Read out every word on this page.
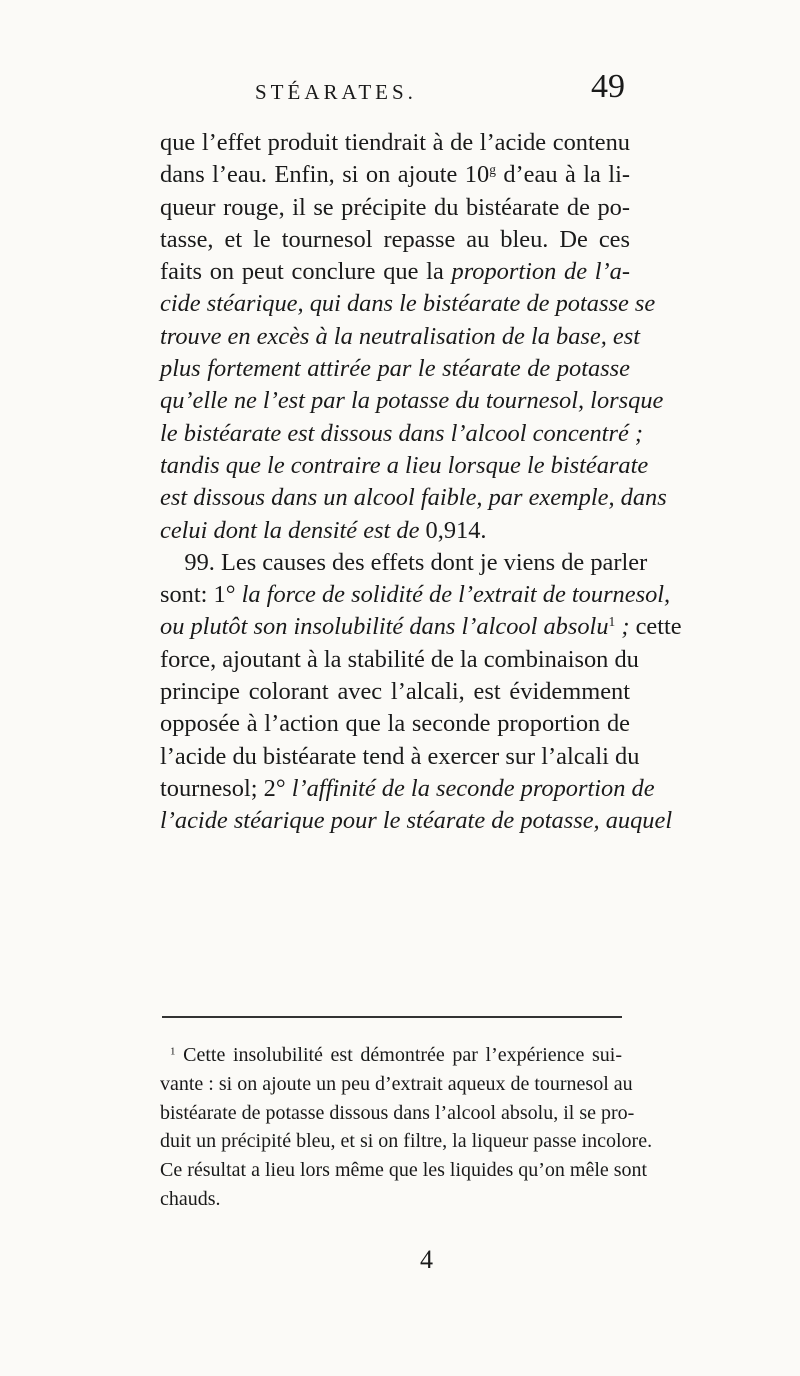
STÉARATES.	49
que l’effet produit tiendrait à de l’acide contenu
dans l’eau. Enfin, si on ajoute 10$^g$ d’eau à la li-
queur rouge, il se précipite du bistéarate de po-
tasse, et le tournesol repasse au bleu. De ces
faits on peut conclure que la proportion de l’a-
cide stéarique, qui dans le bistéarate de potasse se
trouve en excès à la neutralisation de la base, est
plus fortement attirée par le stéarate de potasse
qu’elle ne l’est par la potasse du tournesol, lorsque
le bistéarate est dissous dans l’alcool concentré ;
tandis que le contraire a lieu lorsque le bistéarate
est dissous dans un alcool faible, par exemple, dans
celui dont la densité est de 0,914.
 99. Les causes des effets dont je viens de parler
sont: 1° la force de solidité de l’extrait de tournesol,
ou plutôt son insolubilité dans l’alcool absolu$^1$ ; cette
force, ajoutant à la stabilité de la combinaison du
principe colorant avec l’alcali, est évidemment
opposée à l’action que la seconde proportion de
l’acide du bistéarate tend à exercer sur l’alcali du
tournesol; 2° l’affinité de la seconde proportion de
l’acide stéarique pour le stéarate de potasse, auquel
 $^1$ Cette insolubilité est démontrée par l’expérience sui-
vante : si on ajoute un peu d’extrait aqueux de tournesol au
bistéarate de potasse dissous dans l’alcool absolu, il se pro-
duit un précipité bleu, et si on filtre, la liqueur passe incolore.
Ce résultat a lieu lors même que les liquides qu’on mêle sont
chauds.
4
